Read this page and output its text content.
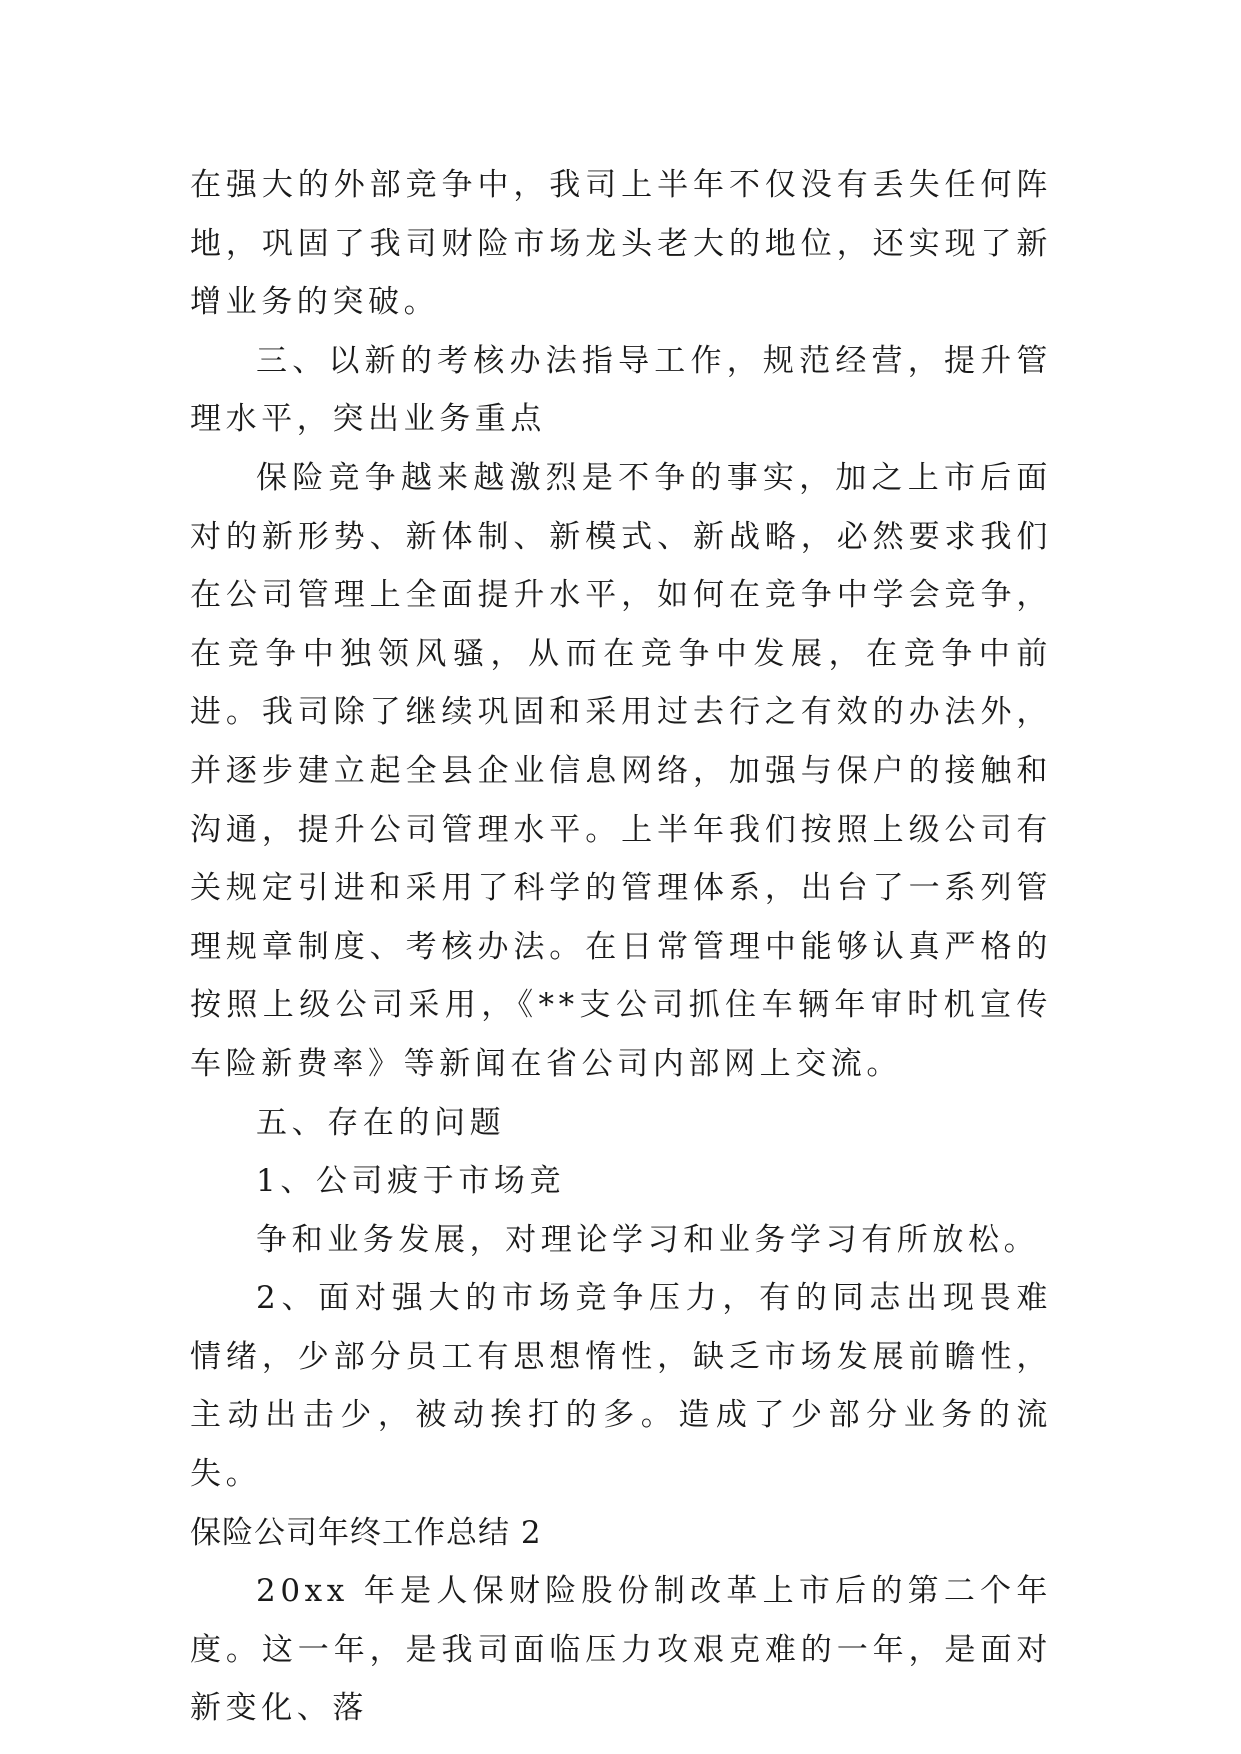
在强大的外部竞争中，我司上半年不仅没有丢失任何阵地，巩固了我司财险市场龙头老大的地位，还实现了新增业务的突破。

三、以新的考核办法指导工作，规范经营，提升管理水平，突出业务重点

保险竞争越来越激烈是不争的事实，加之上市后面对的新形势、新体制、新模式、新战略，必然要求我们在公司管理上全面提升水平，如何在竞争中学会竞争，在竞争中独领风骚，从而在竞争中发展，在竞争中前进。我司除了继续巩固和采用过去行之有效的办法外，并逐步建立起全县企业信息网络，加强与保户的接触和沟通，提升公司管理水平。上半年我们按照上级公司有关规定引进和采用了科学的管理体系，出台了一系列管理规章制度、考核办法。在日常管理中能够认真严格的按照上级公司采用，《**支公司抓住车辆年审时机宣传车险新费率》等新闻在省公司内部网上交流。

五、存在的问题

1、公司疲于市场竞

争和业务发展，对理论学习和业务学习有所放松。

2、面对强大的市场竞争压力，有的同志出现畏难情绪，少部分员工有思想惰性，缺乏市场发展前瞻性，主动出击少，被动挨打的多。造成了少部分业务的流失。

保险公司年终工作总结 2

20xx 年是人保财险股份制改革上市后的第二个年度。这一年，是我司面临压力攻艰克难的一年，是面对新变化、落
